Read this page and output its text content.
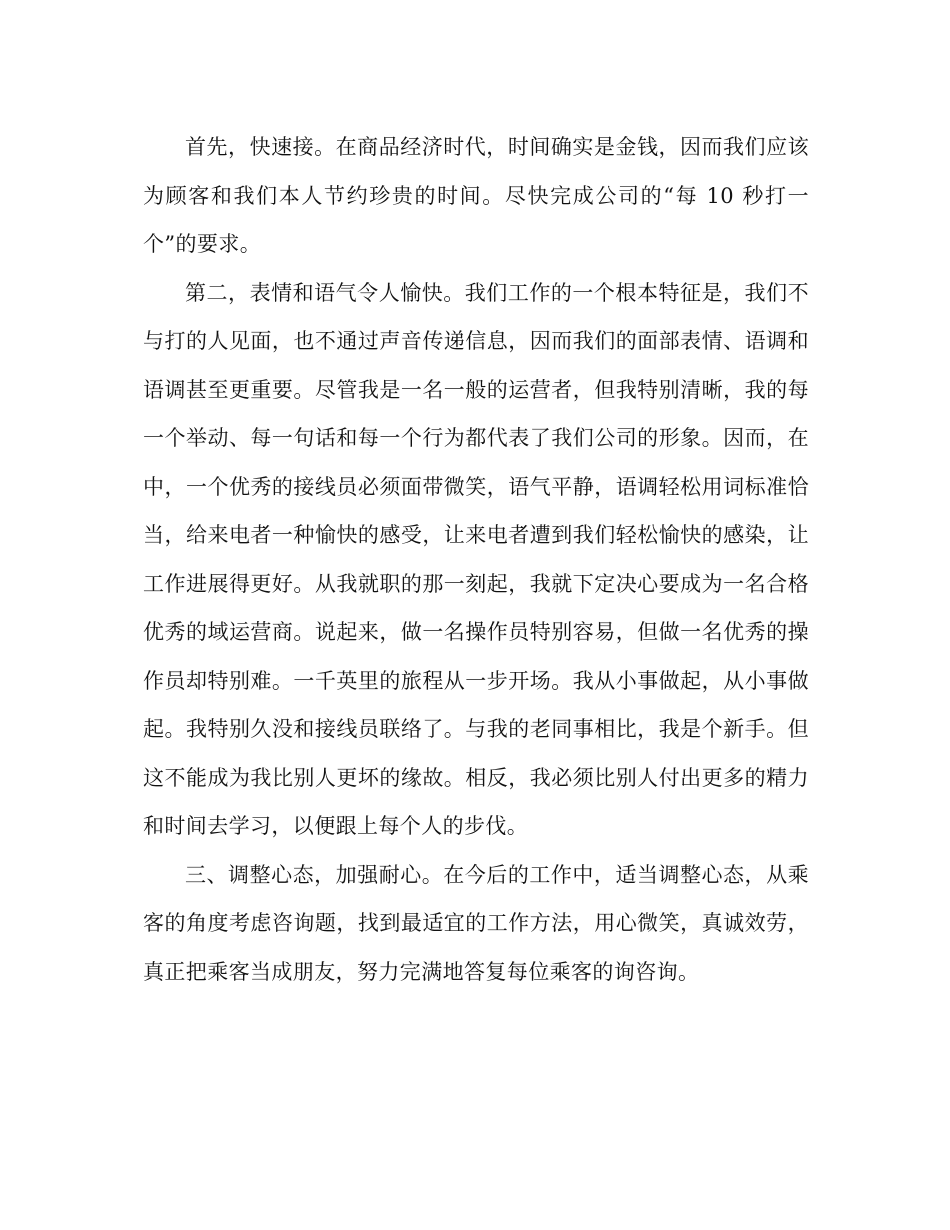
首先，快速接。在商品经济时代，时间确实是金钱，因而我们应该为顾客和我们本人节约珍贵的时间。尽快完成公司的“每 10 秒打一个”的要求。

第二，表情和语气令人愉快。我们工作的一个根本特征是，我们不与打的人见面，也不通过声音传递信息，因而我们的面部表情、语调和语调甚至更重要。尽管我是一名一般的运营者，但我特别清晰，我的每一个举动、每一句话和每一个行为都代表了我们公司的形象。因而，在中，一个优秀的接线员必须面带微笑，语气平静，语调轻松用词标准恰当，给来电者一种愉快的感受，让来电者遭到我们轻松愉快的感染，让工作进展得更好。从我就职的那一刻起，我就下定决心要成为一名合格优秀的域运营商。说起来，做一名操作员特别容易，但做一名优秀的操作员却特别难。一千英里的旅程从一步开场。我从小事做起，从小事做起。我特别久没和接线员联络了。与我的老同事相比，我是个新手。但这不能成为我比别人更坏的缘故。相反，我必须比别人付出更多的精力和时间去学习，以便跟上每个人的步伐。

三、调整心态，加强耐心。在今后的工作中，适当调整心态，从乘客的角度考虑咨询题，找到最适宜的工作方法，用心微笑，真诚效劳，真正把乘客当成朋友，努力完满地答复每位乘客的询咨询。
